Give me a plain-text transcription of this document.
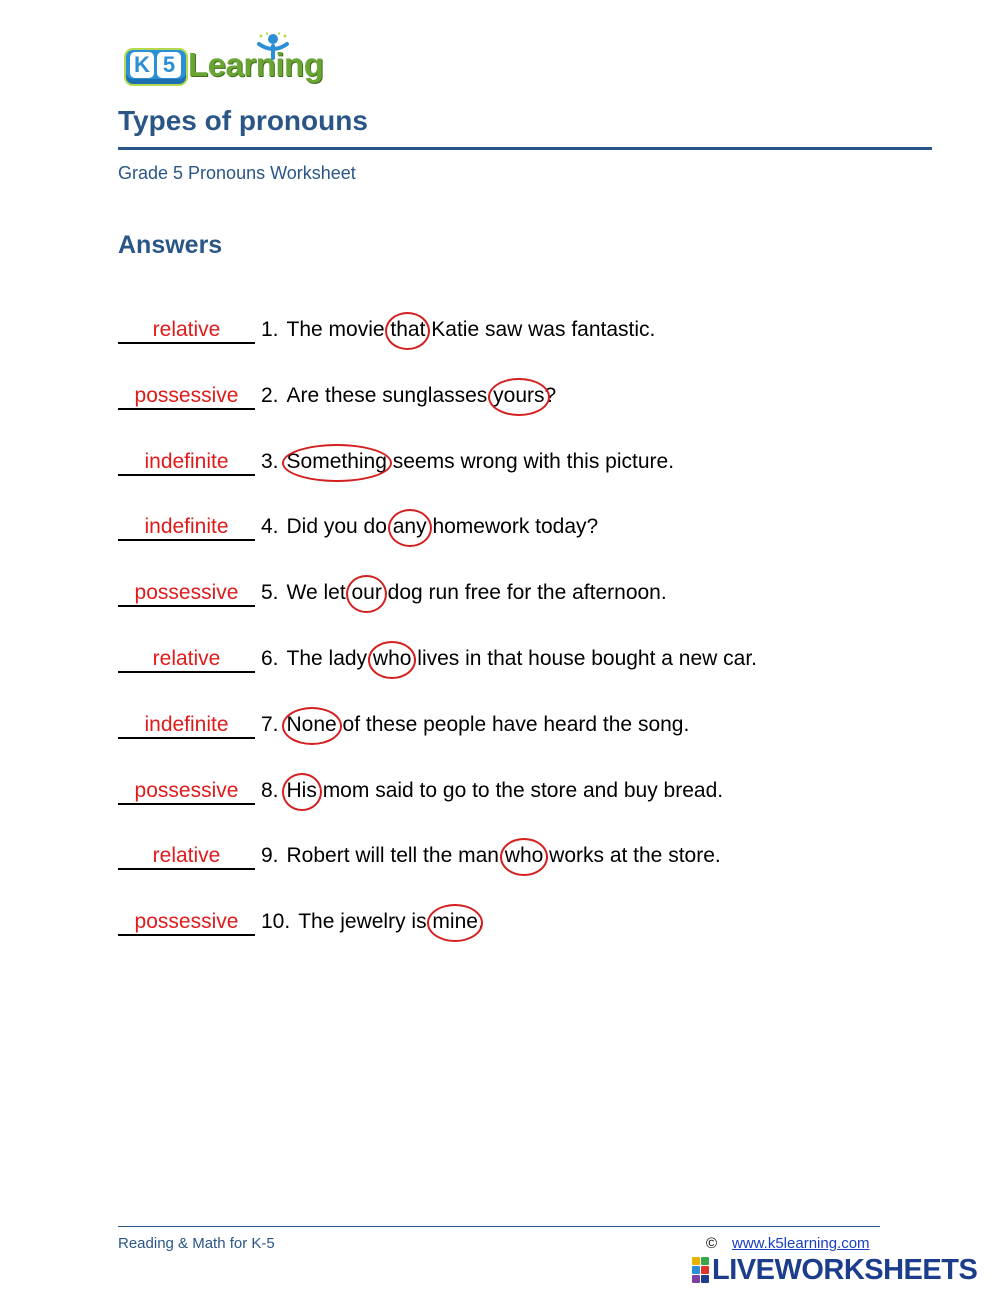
K 5 Learning
Types of pronouns
Grade 5 Pronouns Worksheet
Answers
relative	1. The movie that Katie saw was fantastic.
possessive	2. Are these sunglasses yours?
indefinite	3. Something seems wrong with this picture.
indefinite	4. Did you do any homework today?
possessive	5. We let our dog run free for the afternoon.
relative	6. The lady who lives in that house bought a new car.
indefinite	7. None of these people have heard the song.
possessive	8. His mom said to go to the store and buy bread.
relative	9. Robert will tell the man who works at the store.
possessive	10. The jewelry is mine.
Reading & Math for K-5	© www.k5learning.com
LIVEWORKSHEETS
